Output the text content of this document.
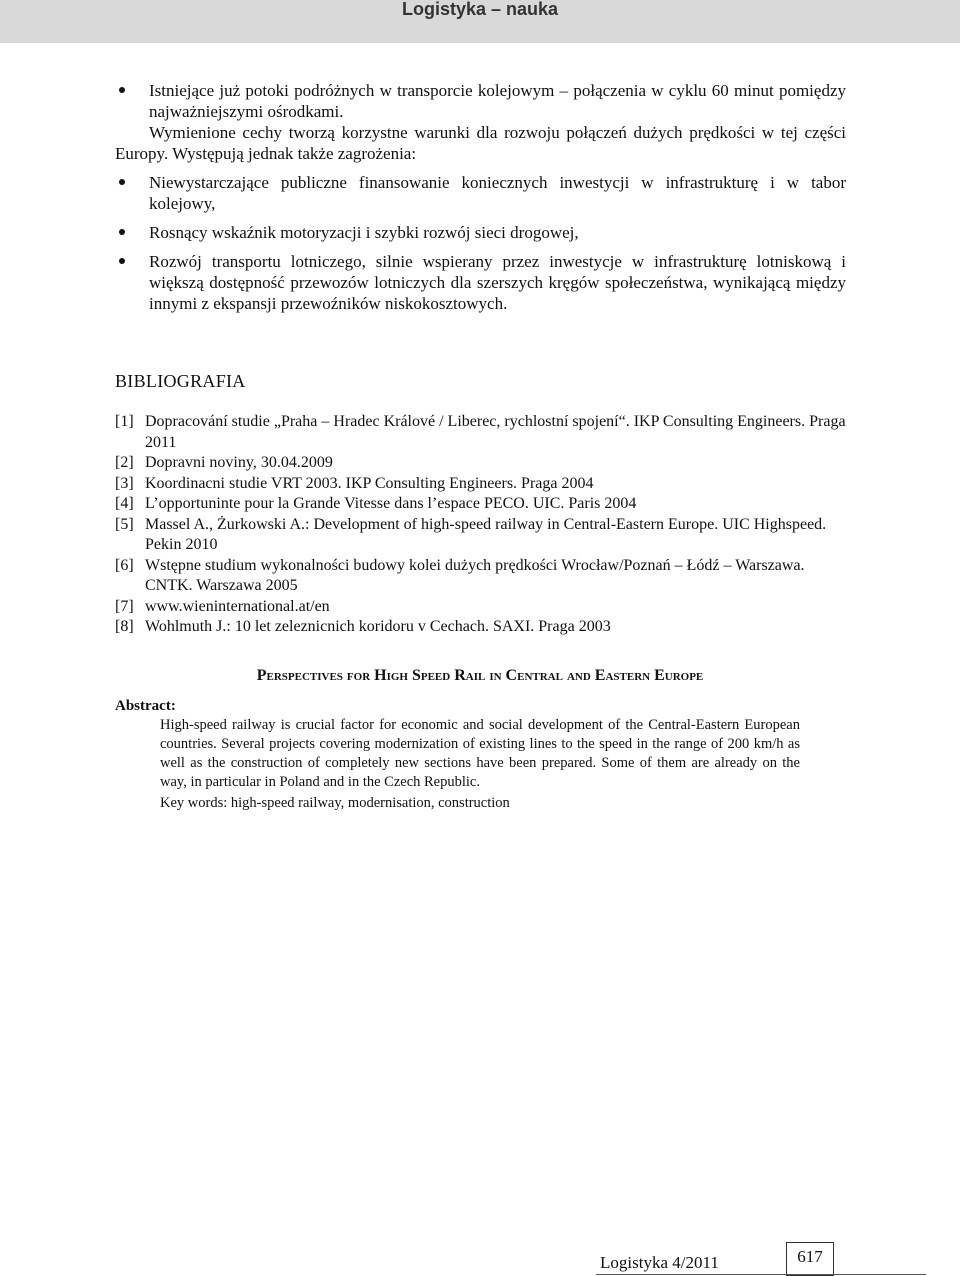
Logistyka – nauka
Istniejące już potoki podróżnych w transporcie kolejowym – połączenia w cyklu 60 minut pomiędzy najważniejszymi ośrodkami.

Wymienione cechy tworzą korzystne warunki dla rozwoju połączeń dużych prędkości w tej części Europy. Występują jednak także zagrożenia:

Niewystarczające publiczne finansowanie koniecznych inwestycji w infrastrukturę i w tabor kolejowy,
Rosnący wskaźnik motoryzacji i szybki rozwój sieci drogowej,
Rozwój transportu lotniczego, silnie wspierany przez inwestycje w infrastrukturę lotniskową i większą dostępność przewozów lotniczych dla szerszych kręgów społeczeństwa, wynikającą między innymi z ekspansji przewoźników niskokosztowych.
BIBLIOGRAFIA
[1] Dopracování studie „Praha – Hradec Králové / Liberec, rychlostní spojení“. IKP Consulting Engineers. Praga 2011
[2] Dopravni noviny, 30.04.2009
[3] Koordinacni studie VRT 2003. IKP Consulting Engineers. Praga 2004
[4] L’opportuninte pour la Grande Vitesse dans l’espace PECO. UIC. Paris 2004
[5] Massel A., Żurkowski A.: Development of high-speed railway in Central-Eastern Europe. UIC Highspeed. Pekin 2010
[6] Wstępne studium wykonalności budowy kolei dużych prędkości Wrocław/Poznań – Łódź – Warszawa. CNTK. Warszawa 2005
[7] www.wieninternational.at/en
[8] Wohlmuth J.: 10 let zeleznicnich koridoru v Cechach. SAXI. Praga 2003
Perspectives for High Speed Rail in Central and Eastern Europe
Abstract:
High-speed railway is crucial factor for economic and social development of the Central-Eastern European countries. Several projects covering modernization of existing lines to the speed in the range of 200 km/h as well as the construction of completely new sections have been prepared. Some of them are already on the way, in particular in Poland and in the Czech Republic.
Key words: high-speed railway, modernisation, construction
Logistyka 4/2011	617
